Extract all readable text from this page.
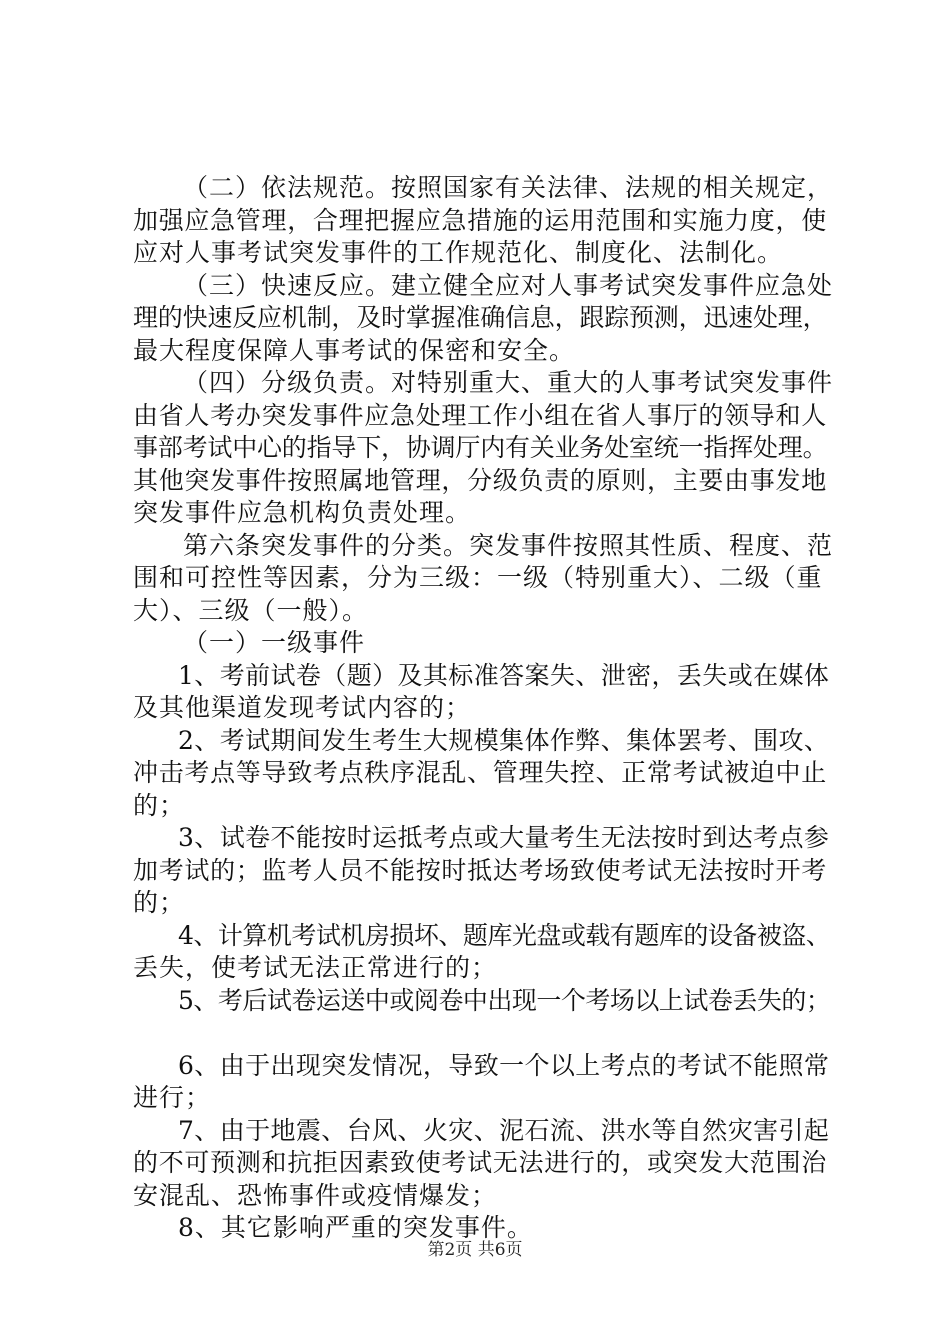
（二）依法规范。按照国家有关法律、法规的相关规定，
加强应急管理，合理把握应急措施的运用范围和实施力度，使
应对人事考试突发事件的工作规范化、制度化、法制化。
（三）快速反应。建立健全应对人事考试突发事件应急处
理的快速反应机制，及时掌握准确信息，跟踪预测，迅速处理，
最大程度保障人事考试的保密和安全。
（四）分级负责。对特别重大、重大的人事考试突发事件
由省人考办突发事件应急处理工作小组在省人事厅的领导和人
事部考试中心的指导下，协调厅内有关业务处室统一指挥处理。
其他突发事件按照属地管理，分级负责的原则，主要由事发地
突发事件应急机构负责处理。
第六条突发事件的分类。突发事件按照其性质、程度、范
围和可控性等因素，分为三级：一级（特别重大）、二级（重
大）、三级（一般）。
（一）一级事件
1、考前试卷（题）及其标准答案失、泄密，丢失或在媒体
及其他渠道发现考试内容的；
2、考试期间发生考生大规模集体作弊、集体罢考、围攻、
冲击考点等导致考点秩序混乱、管理失控、正常考试被迫中止
的；
3、试卷不能按时运抵考点或大量考生无法按时到达考点参
加考试的；监考人员不能按时抵达考场致使考试无法按时开考
的；
4、计算机考试机房损坏、题库光盘或载有题库的设备被盗、
丢失，使考试无法正常进行的；
5、考后试卷运送中或阅卷中出现一个考场以上试卷丢失的；
6、由于出现突发情况，导致一个以上考点的考试不能照常
进行；
7、由于地震、台风、火灾、泥石流、洪水等自然灾害引起
的不可预测和抗拒因素致使考试无法进行的，或突发大范围治
安混乱、恐怖事件或疫情爆发；
8、其它影响严重的突发事件。
第2页 共6页
